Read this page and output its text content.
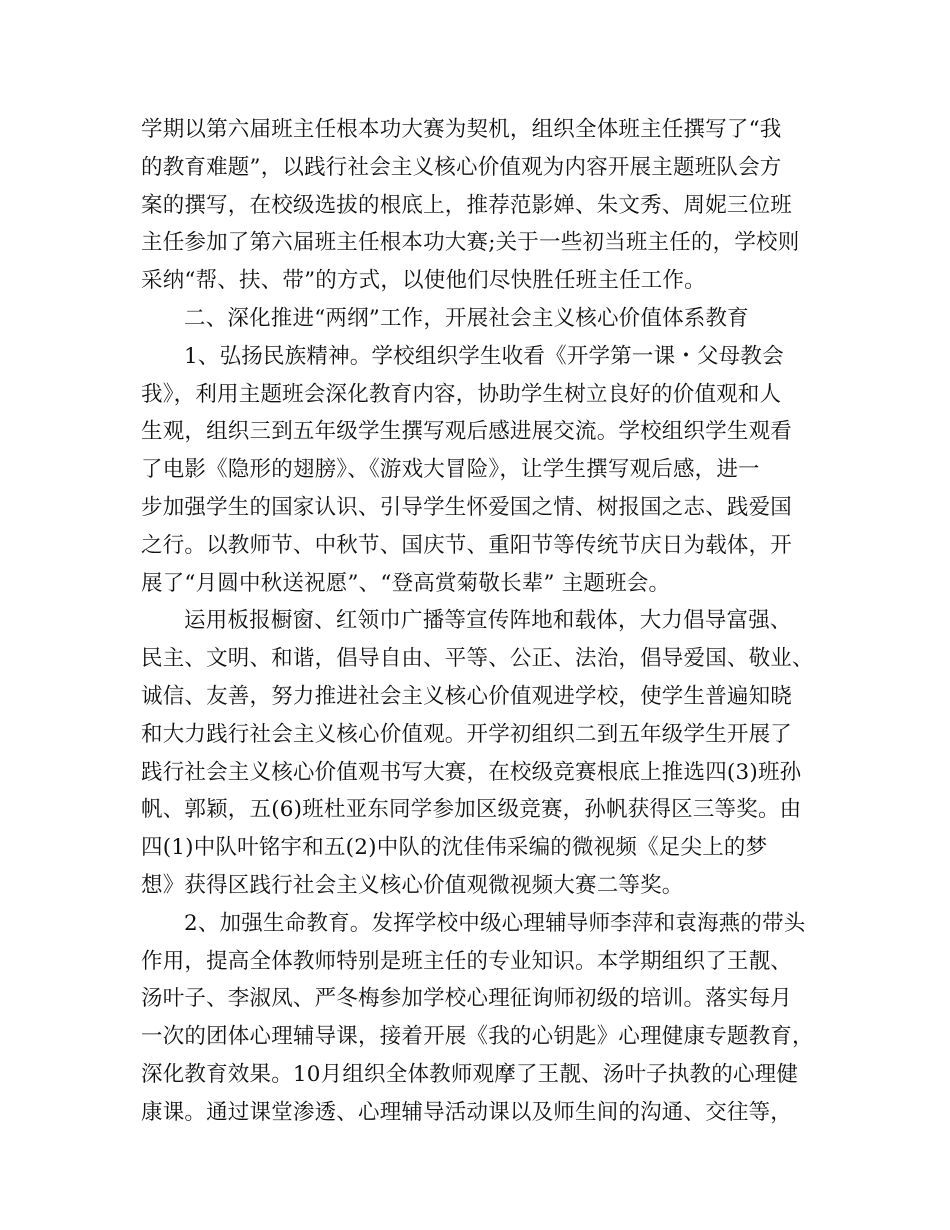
学期以第六届班主任根本功大赛为契机，组织全体班主任撰写了“我
的教育难题”，以践行社会主义核心价值观为内容开展主题班队会方
案的撰写，在校级选拔的根底上，推荐范影婵、朱文秀、周妮三位班
主任参加了第六届班主任根本功大赛;关于一些初当班主任的，学校则
采纳“帮、扶、带”的方式，以使他们尽快胜任班主任工作。
二、深化推进“两纲”工作，开展社会主义核心价值体系教育
1、弘扬民族精神。学校组织学生收看《开学第一课・父母教会
我》，利用主题班会深化教育内容，协助学生树立良好的价值观和人
生观，组织三到五年级学生撰写观后感进展交流。学校组织学生观看
了电影《隐形的翅膀》、《游戏大冒险》，让学生撰写观后感，进一
步加强学生的国家认识、引导学生怀爱国之情、树报国之志、践爱国
之行。以教师节、中秋节、国庆节、重阳节等传统节庆日为载体，开
展了“月圆中秋送祝愿”、“登高赏菊敬长辈” 主题班会。
运用板报橱窗、红领巾广播等宣传阵地和载体，大力倡导富强、
民主、文明、和谐，倡导自由、平等、公正、法治，倡导爱国、敬业、
诚信、友善，努力推进社会主义核心价值观进学校，使学生普遍知晓
和大力践行社会主义核心价值观。开学初组织二到五年级学生开展了
践行社会主义核心价值观书写大赛，在校级竞赛根底上推选四(3)班孙
帆、郭颖，五(6)班杜亚东同学参加区级竞赛，孙帆获得区三等奖。由
四(1)中队叶铭宇和五(2)中队的沈佳伟采编的微视频《足尖上的梦
想》获得区践行社会主义核心价值观微视频大赛二等奖。
2、加强生命教育。发挥学校中级心理辅导师李萍和袁海燕的带头
作用，提高全体教师特别是班主任的专业知识。本学期组织了王靓、
汤叶子、李淑凤、严冬梅参加学校心理征询师初级的培训。落实每月
一次的团体心理辅导课，接着开展《我的心钥匙》心理健康专题教育，
深化教育效果。10月组织全体教师观摩了王靓、汤叶子执教的心理健
康课。通过课堂渗透、心理辅导活动课以及师生间的沟通、交往等，
